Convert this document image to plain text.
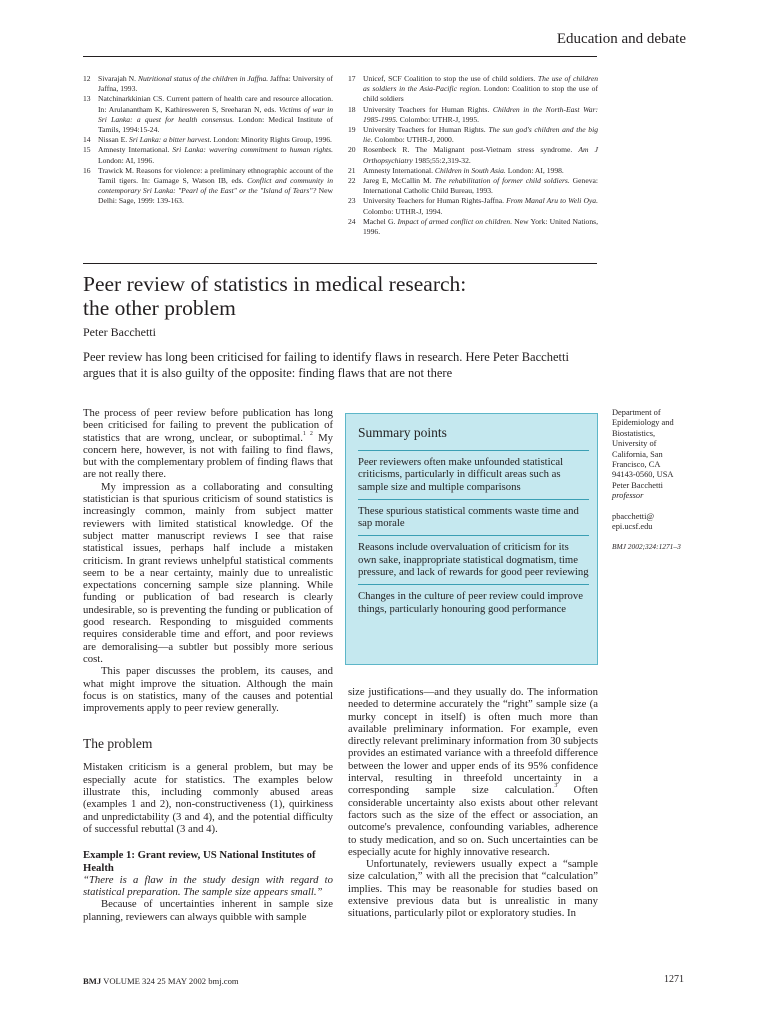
Education and debate
12 Sivarajah N. Nutritional status of the children in Jaffna. Jaffna: University of Jaffna, 1993.
13 Natchinarkkinian CS. Current pattern of health care and resource allocation. In: Arulanantham K, Kathiresweren S, Sreeharan N, eds. Victims of war in Sri Lanka: a quest for health consensus. London: Medical Institute of Tamils, 1994:15-24.
14 Nissan E. Sri Lanka: a bitter harvest. London: Minority Rights Group, 1996.
15 Amnesty International. Sri Lanka: wavering commitment to human rights. London: AI, 1996.
16 Trawick M. Reasons for violence: a preliminary ethnographic account of the Tamil tigers. In: Gamage S, Watson IB, eds. Conflict and community in contemporary Sri Lanka: "Pearl of the East" or the "Island of Tears"? New Delhi: Sage, 1999: 139-163.
17 Unicef, SCF Coalition to stop the use of child soldiers. The use of children as soldiers in the Asia-Pacific region. London: Coalition to stop the use of child soldiers
18 University Teachers for Human Rights. Children in the North-East War: 1985-1995. Colombo: UTHR-J, 1995.
19 University Teachers for Human Rights. The sun god's children and the big lie. Colombo: UTHR-J, 2000.
20 Rosenbeck R. The Malignant post-Vietnam stress syndrome. Am J Orthopsychiatry 1985;55:2,319-32.
21 Amnesty International. Children in South Asia. London: AI, 1998.
22 Jareg E, McCallin M. The rehabilitation of former child soldiers. Geneva: International Catholic Child Bureau, 1993.
23 University Teachers for Human Rights-Jaffna. From Manal Aru to Weli Oya. Colombo: UTHR-J, 1994.
24 Machel G. Impact of armed conflict on children. New York: United Nations, 1996.
Peer review of statistics in medical research:
the other problem
Peter Bacchetti
Peer review has long been criticised for failing to identify flaws in research. Here Peter Bacchetti argues that it is also guilty of the opposite: finding flaws that are not there

The process of peer review before publication has long been criticised for failing to prevent the publication of statistics that are wrong, unclear, or suboptimal.$^{1 2}$ My concern here, however, is not with failing to find flaws, but with the complementary problem of finding flaws that are not really there.

My impression as a collaborating and consulting statistician is that spurious criticism of sound statistics is increasingly common, mainly from subject matter reviewers with limited statistical knowledge. Of the subject matter manuscript reviews I see that raise statistical issues, perhaps half include a mistaken criticism. In grant reviews unhelpful statistical comments seem to be a near certainty, mainly due to unrealistic expectations concerning sample size planning. While funding or publication of bad research is clearly undesirable, so is preventing the funding or publication of good research. Responding to misguided comments requires considerable time and effort, and poor reviews are demoralising—a subtler but possibly more serious cost.

This paper discusses the problem, its causes, and what might improve the situation. Although the main focus is on statistics, many of the causes and potential improvements apply to peer review generally.

The problem

Mistaken criticism is a general problem, but may be especially acute for statistics. The examples below illustrate this, including commonly abused areas (examples 1 and 2), non-constructiveness (1), quirkiness and unpredictability (3 and 4), and the potential difficulty of successful rebuttal (3 and 4).

Example 1: Grant review, US National Institutes of Health

“There is a flaw in the study design with regard to statistical preparation. The sample size appears small.”

Because of uncertainties inherent in sample size planning, reviewers can always quibble with sample

Summary points
Peer reviewers often make unfounded statistical criticisms, particularly in difficult areas such as sample size and multiple comparisons
These spurious statistical comments waste time and sap morale
Reasons include overvaluation of criticism for its own sake, inappropriate statistical dogmatism, time pressure, and lack of rewards for good peer reviewing
Changes in the culture of peer review could improve things, particularly honouring good performance

size justifications—and they usually do. The information needed to determine accurately the “right” sample size (a murky concept in itself) is often much more than available preliminary information. For example, even directly relevant preliminary information from 30 subjects provides an estimated variance with a threefold difference between the lower and upper ends of its 95% confidence interval, resulting in threefold uncertainty in a corresponding sample size calculation.$^3$ Often considerable uncertainty also exists about other relevant factors such as the size of the effect or association, an outcome's prevalence, confounding variables, adherence to study medication, and so on. Such uncertainties can be especially acute for highly innovative research.

Unfortunately, reviewers usually expect a “sample size calculation,” with all the precision that “calculation” implies. This may be reasonable for studies based on extensive previous data but is unrealistic in many situations, particularly pilot or exploratory studies. In

Department of
Epidemiology and
Biostatistics,
University of
California, San
Francisco, CA
94143-0560, USA
Peter Bacchetti
professor
pbacchetti@
epi.ucsf.edu
BMJ 2002;324:1271–3
BMJ VOLUME 324 25 MAY 2002 bmj.com	1271
